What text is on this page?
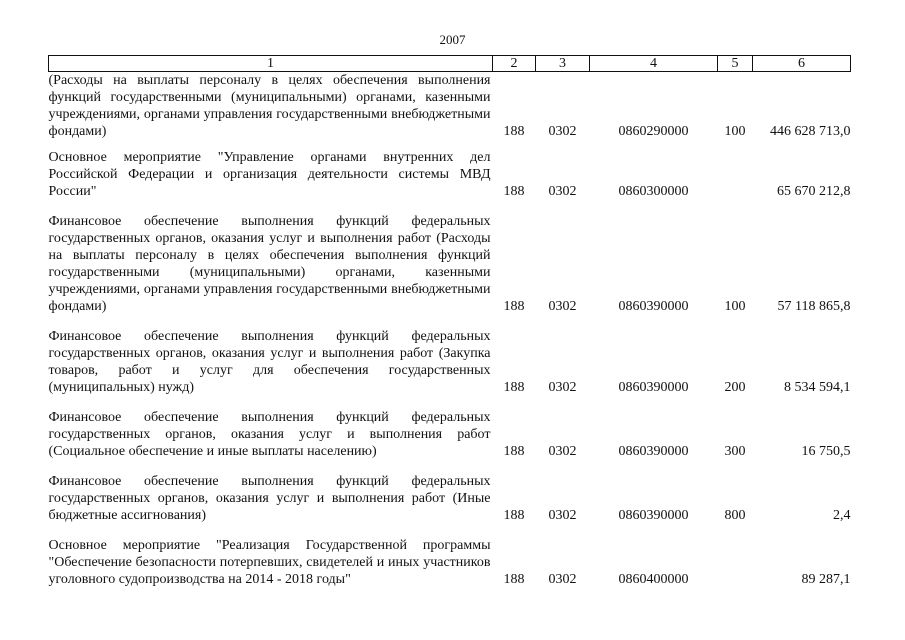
2007
1	2	3	4	5	6
(Расходы на выплаты персоналу в целях обеспечения выполнения функций государственными (муниципальными) органами, казенными учреждениями, органами управления государственными внебюджетными фондами)	188	0302	0860290000	100	446 628 713,0
Основное мероприятие "Управление органами внутренних дел Российской Федерации и организация деятельности системы МВД России"	188	0302	0860300000		65 670 212,8
Финансовое обеспечение выполнения функций федеральных государственных органов, оказания услуг и выполнения работ (Расходы на выплаты персоналу в целях обеспечения выполнения функций государственными (муниципальными) органами, казенными учреждениями, органами управления государственными внебюджетными фондами)	188	0302	0860390000	100	57 118 865,8
Финансовое обеспечение выполнения функций федеральных государственных органов, оказания услуг и выполнения работ (Закупка товаров, работ и услуг для обеспечения государственных (муниципальных) нужд)	188	0302	0860390000	200	8 534 594,1
Финансовое обеспечение выполнения функций федеральных государственных органов, оказания услуг и выполнения работ (Социальное обеспечение и иные выплаты населению)	188	0302	0860390000	300	16 750,5
Финансовое обеспечение выполнения функций федеральных государственных органов, оказания услуг и выполнения работ (Иные бюджетные ассигнования)	188	0302	0860390000	800	2,4
Основное мероприятие "Реализация Государственной программы "Обеспечение безопасности потерпевших, свидетелей и иных участников уголовного судопроизводства на 2014 - 2018 годы"	188	0302	0860400000		89 287,1
